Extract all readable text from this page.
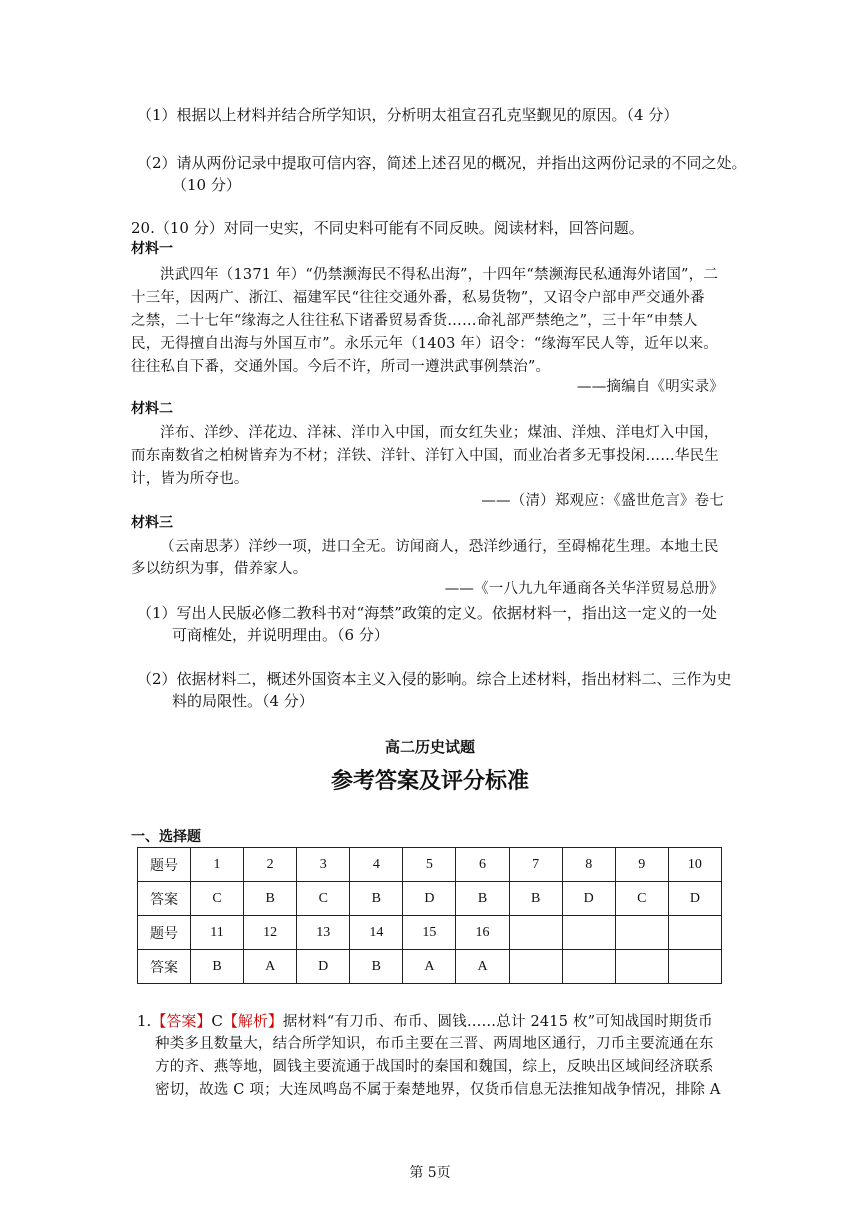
（1）根据以上材料并结合所学知识，分析明太祖宣召孔克坚觐见的原因。（4 分）
（2）请从两份记录中提取可信内容，简述上述召见的概况，并指出这两份记录的不同之处。
（10 分）
20.（10 分）对同一史实，不同史料可能有不同反映。阅读材料，回答问题。
材料一
洪武四年（1371 年）“仍禁濒海民不得私出海”，十四年“禁濒海民私通海外诸国”，二
十三年，因两广、浙江、福建军民“往往交通外番，私易货物”，又诏令户部申严交通外番
之禁，二十七年“缘海之人往往私下诸番贸易香货……命礼部严禁绝之”，三十年“申禁人
民，无得擅自出海与外国互市”。永乐元年（1403 年）诏令：“缘海军民人等，近年以来。
往往私自下番，交通外国。今后不许，所司一遵洪武事例禁治”。
——摘编自《明实录》
材料二
洋布、洋纱、洋花边、洋袜、洋巾入中国，而女红失业；煤油、洋烛、洋电灯入中国，
而东南数省之柏树皆弃为不材；洋铁、洋针、洋钉入中国，而业冶者多无事投闲……华民生
计，皆为所夺也。
——（清）郑观应：《盛世危言》卷七
材料三
（云南思茅）洋纱一项，进口全无。访闻商人，恐洋纱通行，至碍棉花生理。本地土民
多以纺织为事，借养家人。
——《一八九九年通商各关华洋贸易总册》
（1）写出人民版必修二教科书对“海禁”政策的定义。依据材料一，指出这一定义的一处
可商榷处，并说明理由。（6 分）
（2）依据材料二，概述外国资本主义入侵的影响。综合上述材料，指出材料二、三作为史
料的局限性。（4 分）
高二历史试题
参考答案及评分标准
一、选择题
题号	1	2	3	4	5	6	7	8	9	10
答案	C	B	C	B	D	B	B	D	C	D
题号	11	12	13	14	15	16				
答案	B	A	D	B	A	A				
1.【答案】C【解析】据材料“有刀币、布币、圆钱……总计 2415 枚”可知战国时期货币
种类多且数量大，结合所学知识，布币主要在三晋、两周地区通行，刀币主要流通在东
方的齐、燕等地，圆钱主要流通于战国时的秦国和魏国，综上，反映出区域间经济联系
密切，故选 C 项；大连凤鸣岛不属于秦楚地界，仅货币信息无法推知战争情况，排除 A
第 5页
